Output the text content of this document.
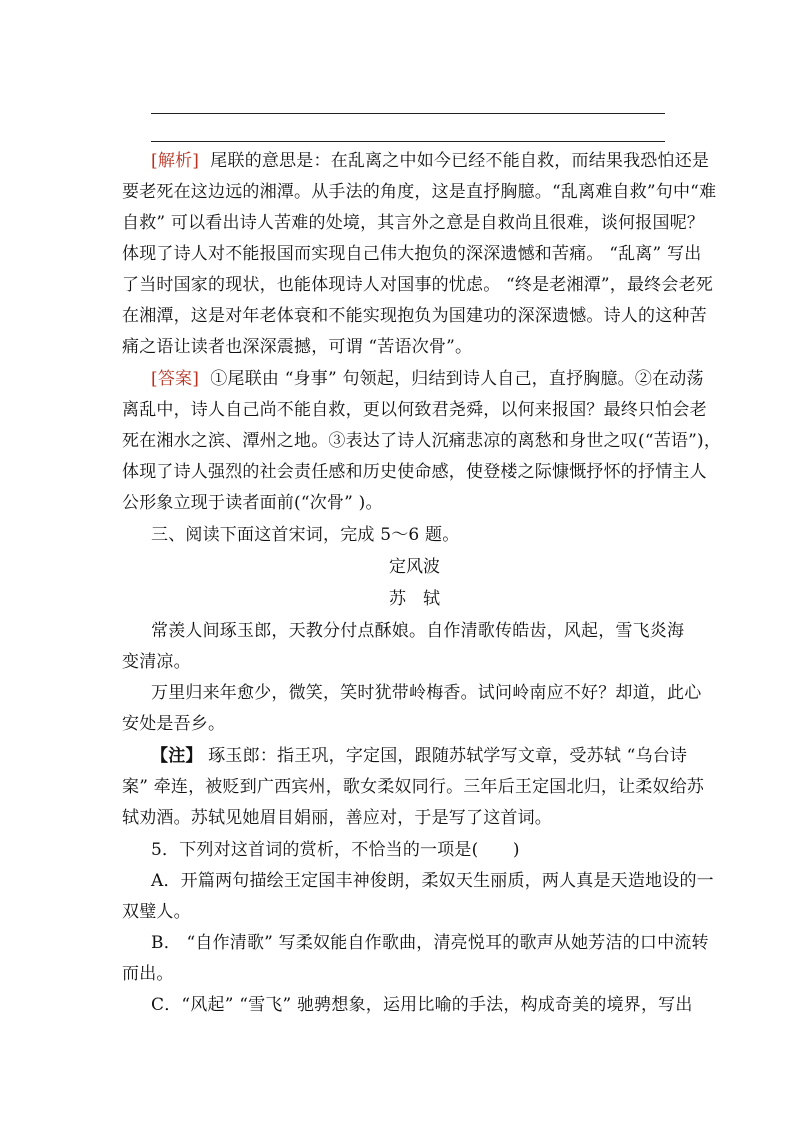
[解析] 尾联的意思是：在乱离之中如今已经不能自救，而结果我恐怕还是
要老死在这边远的湘潭。从手法的角度，这是直抒胸臆。“乱离难自救”句中“难
自救” 可以看出诗人苦难的处境，其言外之意是自救尚且很难，谈何报国呢？
体现了诗人对不能报国而实现自己伟大抱负的深深遗憾和苦痛。 “乱离” 写出
了当时国家的现状，也能体现诗人对国事的忧虑。 “终是老湘潭”，最终会老死
在湘潭，这是对年老体衰和不能实现抱负为国建功的深深遗憾。诗人的这种苦
痛之语让读者也深深震撼，可谓 “苦语次骨”。
[答案] ①尾联由 “身事” 句领起，归结到诗人自己，直抒胸臆。②在动荡
离乱中，诗人自己尚不能自救，更以何致君尧舜，以何来报国？最终只怕会老
死在湘水之滨、潭州之地。③表达了诗人沉痛悲凉的离愁和身世之叹(“苦语”)，
体现了诗人强烈的社会责任感和历史使命感，使登楼之际慷慨抒怀的抒情主人
公形象立现于读者面前(“次骨” )。
三、阅读下面这首宋词，完成 5～6 题。
定风波
苏　轼
常羡人间琢玉郎，天教分付点酥娘。自作清歌传皓齿，风起，雪飞炎海
变清凉。
万里归来年愈少，微笑，笑时犹带岭梅香。试问岭南应不好？却道，此心
安处是吾乡。
【注】 琢玉郎：指王巩，字定国，跟随苏轼学写文章，受苏轼 “乌台诗
案” 牵连，被贬到广西宾州，歌女柔奴同行。三年后王定国北归，让柔奴给苏
轼劝酒。苏轼见她眉目娟丽，善应对，于是写了这首词。
5．下列对这首词的赏析，不恰当的一项是(　　)
A．开篇两句描绘王定国丰神俊朗，柔奴天生丽质，两人真是天造地设的一
双璧人。
B． “自作清歌” 写柔奴能自作歌曲，清亮悦耳的歌声从她芳洁的口中流转
而出。
C．“风起” “雪飞” 驰骋想象，运用比喻的手法，构成奇美的境界，写出
